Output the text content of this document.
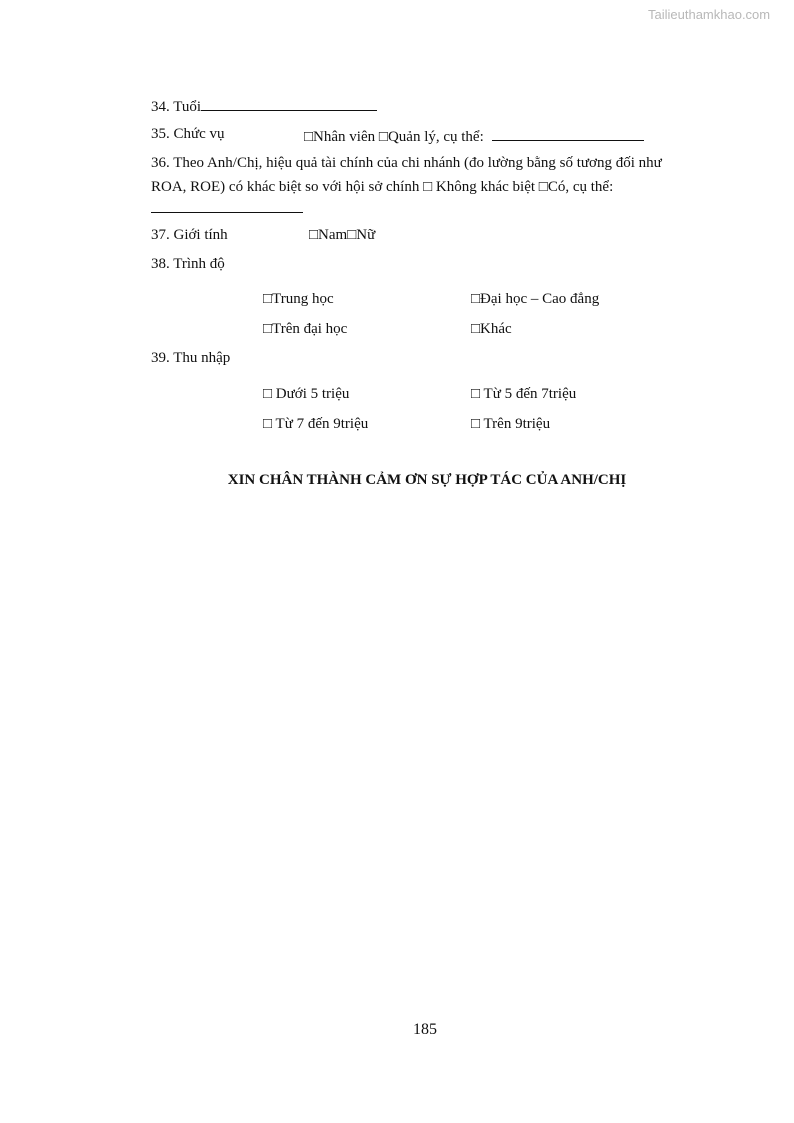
Tailieuthamkhao.com
34. Tuổi
35. Chức vụ	□Nhân viên □Quản lý, cụ thể:
36. Theo Anh/Chị, hiệu quả tài chính của chi nhánh (đo lường bằng số tương đối như
ROA, ROE) có khác biệt so với hội sở chính □ Không khác biệt □Có, cụ thể:
37. Giới tính	□Nam□Nữ
38. Trình độ
□Trung học	□Đại học – Cao đẳng
□Trên đại học	□Khác
39. Thu nhập
□ Dưới 5 triệu	□ Từ 5 đến 7triệu
□ Từ 7 đến 9triệu	□ Trên 9triệu
XIN CHÂN THÀNH CẢM ƠN SỰ HỢP TÁC CỦA ANH/CHỊ
185
